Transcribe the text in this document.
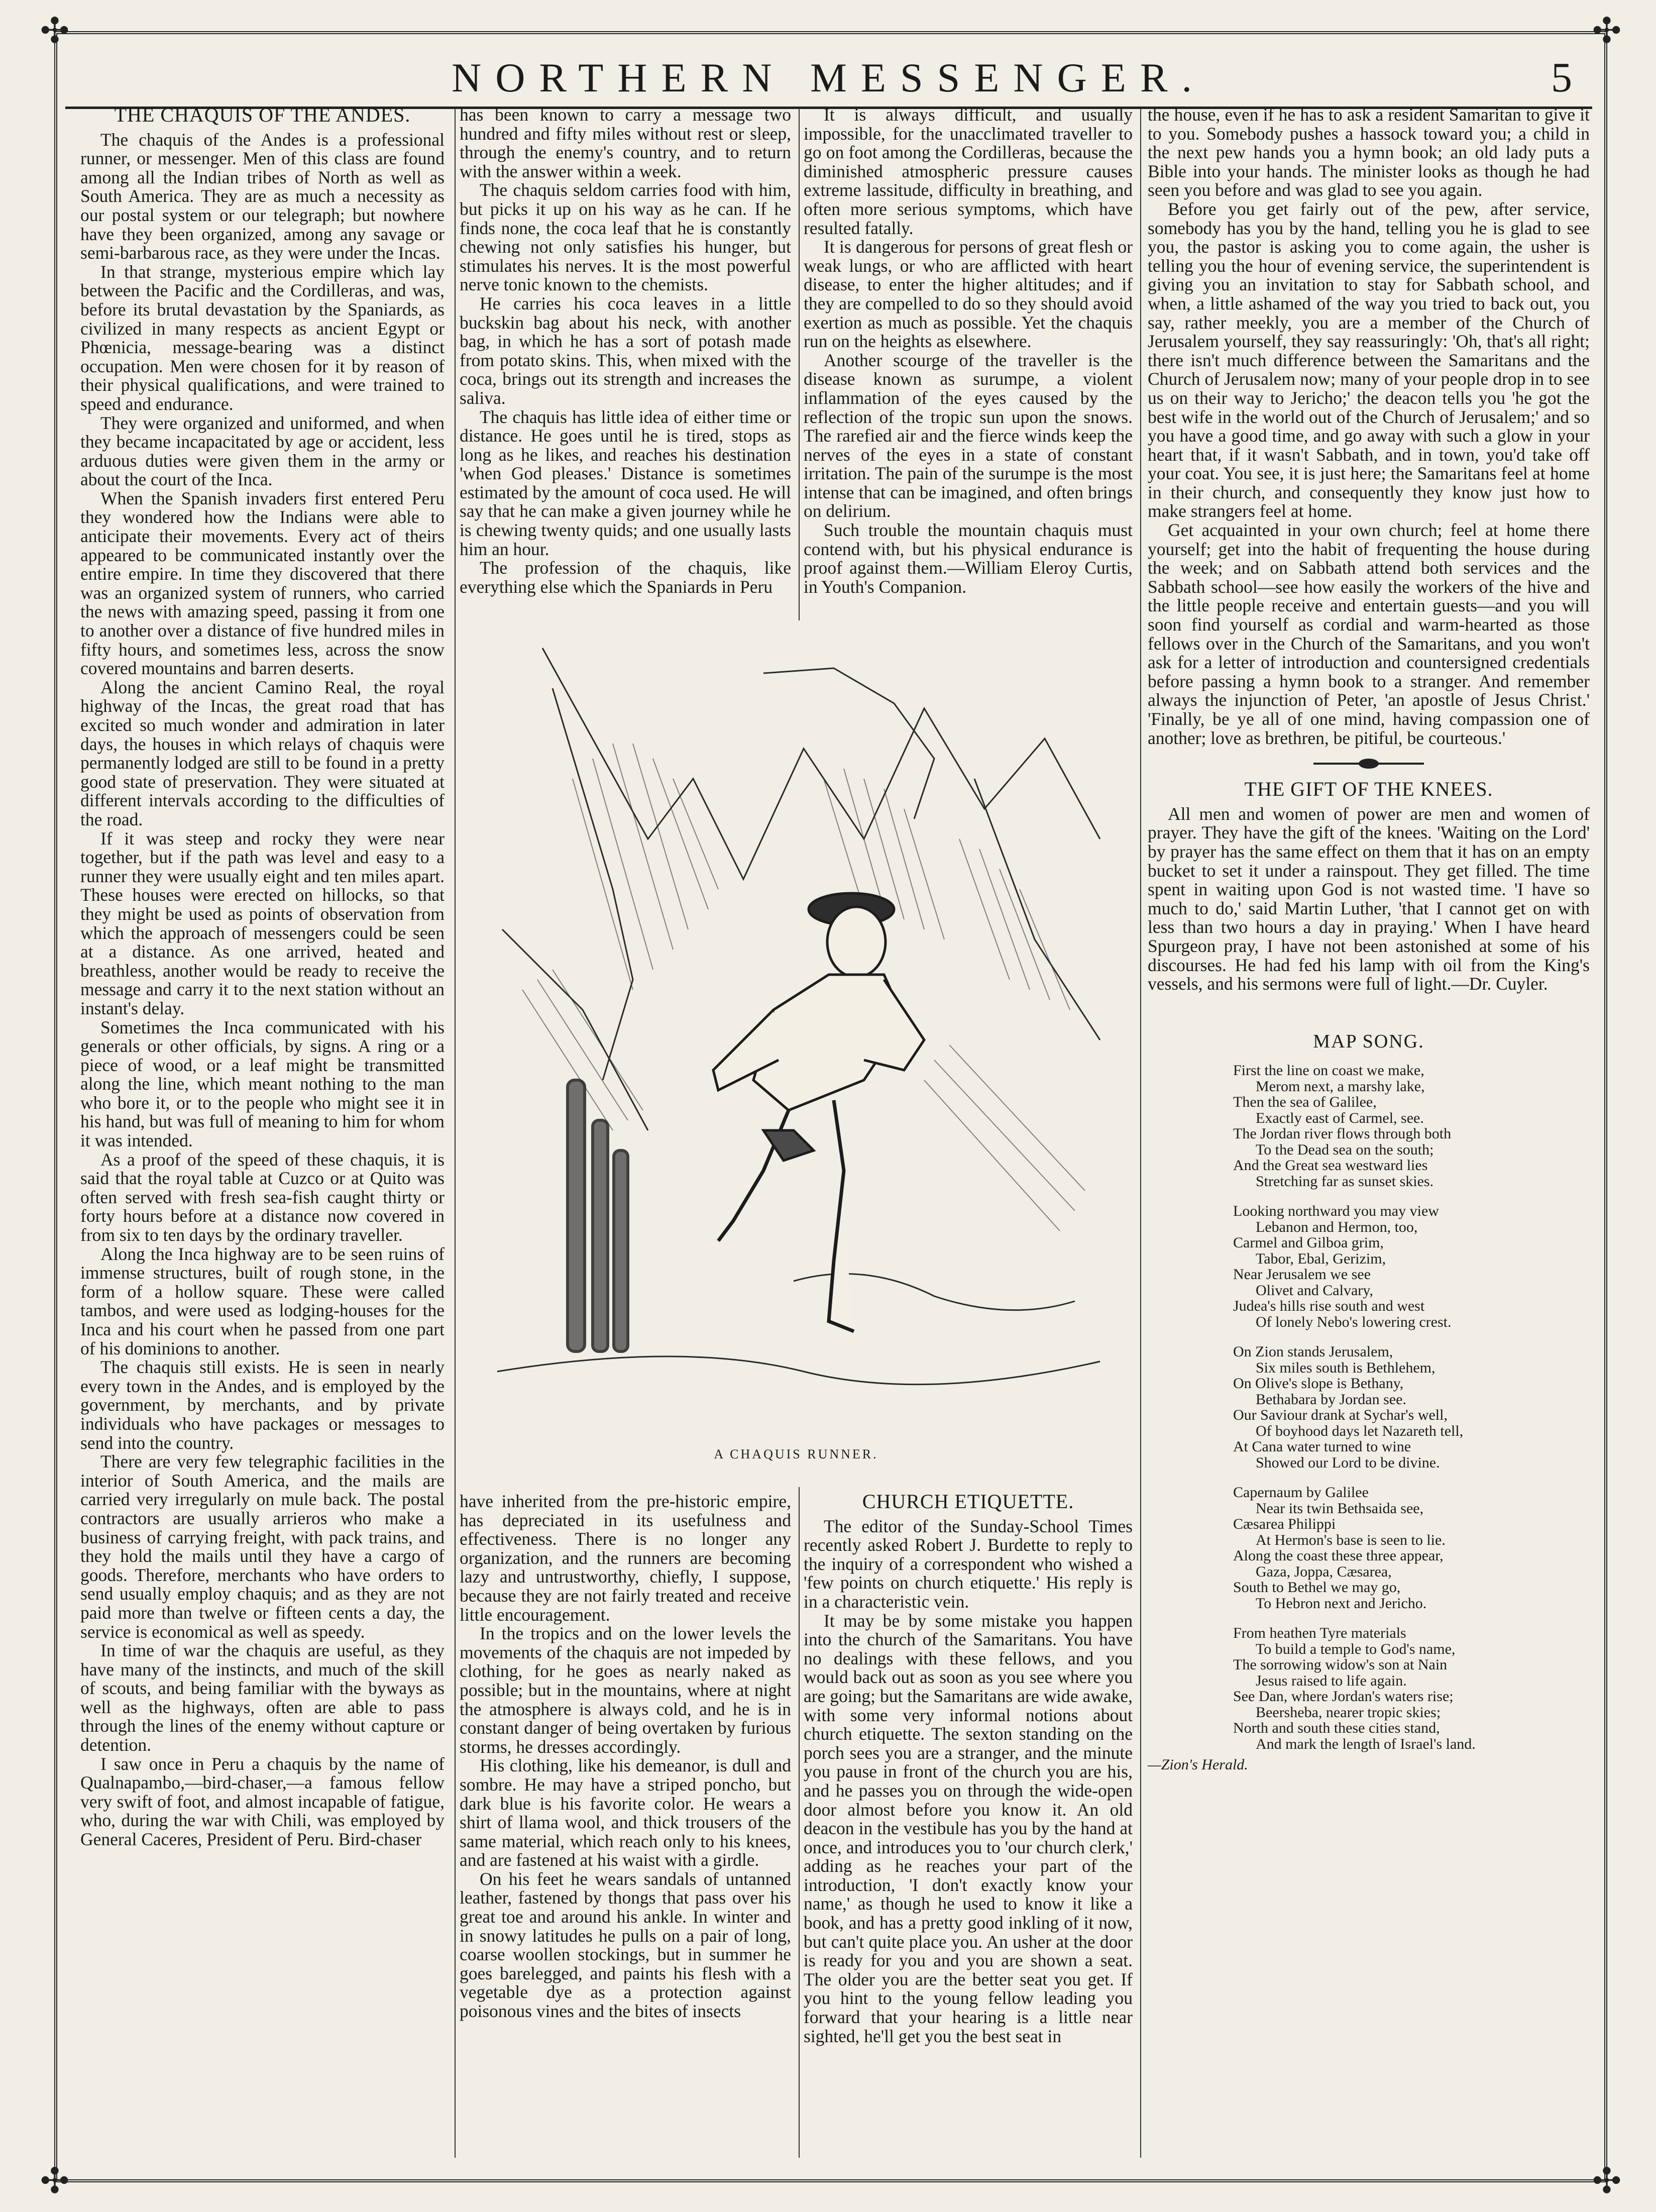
✣	✣
✣	✣
NORTHERN MESSENGER.	5
THE CHAQUIS OF THE ANDES.

The chaquis of the Andes is a professional runner, or messenger. Men of this class are found among all the Indian tribes of North as well as South America. They are as much a necessity as our postal system or our telegraph; but nowhere have they been organized, among any savage or semi-barbarous race, as they were under the Incas.

In that strange, mysterious empire which lay between the Pacific and the Cordilleras, and was, before its brutal devastation by the Spaniards, as civilized in many respects as ancient Egypt or Phœnicia, message-bearing was a distinct occupation. Men were chosen for it by reason of their physical qualifications, and were trained to speed and endurance.

They were organized and uniformed, and when they became incapacitated by age or accident, less arduous duties were given them in the army or about the court of the Inca.

When the Spanish invaders first entered Peru they wondered how the Indians were able to anticipate their movements. Every act of theirs appeared to be communicated instantly over the entire empire. In time they discovered that there was an organized system of runners, who carried the news with amazing speed, passing it from one to another over a distance of five hundred miles in fifty hours, and sometimes less, across the snow covered mountains and barren deserts.

Along the ancient Camino Real, the royal highway of the Incas, the great road that has excited so much wonder and admiration in later days, the houses in which relays of chaquis were permanently lodged are still to be found in a pretty good state of preservation. They were situated at different intervals according to the difficulties of the road.

If it was steep and rocky they were near together, but if the path was level and easy to a runner they were usually eight and ten miles apart. These houses were erected on hillocks, so that they might be used as points of observation from which the approach of messengers could be seen at a distance. As one arrived, heated and breathless, another would be ready to receive the message and carry it to the next station without an instant's delay.

Sometimes the Inca communicated with his generals or other officials, by signs. A ring or a piece of wood, or a leaf might be transmitted along the line, which meant nothing to the man who bore it, or to the people who might see it in his hand, but was full of meaning to him for whom it was intended.

As a proof of the speed of these chaquis, it is said that the royal table at Cuzco or at Quito was often served with fresh sea-fish caught thirty or forty hours before at a distance now covered in from six to ten days by the ordinary traveller.

Along the Inca highway are to be seen ruins of immense structures, built of rough stone, in the form of a hollow square. These were called tambos, and were used as lodging-houses for the Inca and his court when he passed from one part of his dominions to another.

The chaquis still exists. He is seen in nearly every town in the Andes, and is employed by the government, by merchants, and by private individuals who have packages or messages to send into the country.

There are very few telegraphic facilities in the interior of South America, and the mails are carried very irregularly on mule back. The postal contractors are usually arrieros who make a business of carrying freight, with pack trains, and they hold the mails until they have a cargo of goods. Therefore, merchants who have orders to send usually employ chaquis; and as they are not paid more than twelve or fifteen cents a day, the service is economical as well as speedy.

In time of war the chaquis are useful, as they have many of the instincts, and much of the skill of scouts, and being familiar with the byways as well as the highways, often are able to pass through the lines of the enemy without capture or detention.

I saw once in Peru a chaquis by the name of Qualnapambo,—bird-chaser,—a famous fellow very swift of foot, and almost incapable of fatigue, who, during the war with Chili, was employed by General Caceres, President of Peru. Bird-chaser

has been known to carry a message two hundred and fifty miles without rest or sleep, through the enemy's country, and to return with the answer within a week.

The chaquis seldom carries food with him, but picks it up on his way as he can. If he finds none, the coca leaf that he is constantly chewing not only satisfies his hunger, but stimulates his nerves. It is the most powerful nerve tonic known to the chemists.

He carries his coca leaves in a little buckskin bag about his neck, with another bag, in which he has a sort of potash made from potato skins. This, when mixed with the coca, brings out its strength and increases the saliva.

The chaquis has little idea of either time or distance. He goes until he is tired, stops as long as he likes, and reaches his destination 'when God pleases.' Distance is sometimes estimated by the amount of coca used. He will say that he can make a given journey while he is chewing twenty quids; and one usually lasts him an hour.

The profession of the chaquis, like everything else which the Spaniards in Peru

It is always difficult, and usually impossible, for the unacclimated traveller to go on foot among the Cordilleras, because the diminished atmospheric pressure causes extreme lassitude, difficulty in breathing, and often more serious symptoms, which have resulted fatally.

It is dangerous for persons of great flesh or weak lungs, or who are afflicted with heart disease, to enter the higher altitudes; and if they are compelled to do so they should avoid exertion as much as possible. Yet the chaquis run on the heights as elsewhere.

Another scourge of the traveller is the disease known as surumpe, a violent inflammation of the eyes caused by the reflection of the tropic sun upon the snows. The rarefied air and the fierce winds keep the nerves of the eyes in a state of constant irritation. The pain of the surumpe is the most intense that can be imagined, and often brings on delirium.

Such trouble the mountain chaquis must contend with, but his physical endurance is proof against them.—William Eleroy Curtis, in Youth's Companion.

A CHAQUIS RUNNER.

have inherited from the pre-historic empire, has depreciated in its usefulness and effectiveness. There is no longer any organization, and the runners are becoming lazy and untrustworthy, chiefly, I suppose, because they are not fairly treated and receive little encouragement.

In the tropics and on the lower levels the movements of the chaquis are not impeded by clothing, for he goes as nearly naked as possible; but in the mountains, where at night the atmosphere is always cold, and he is in constant danger of being overtaken by furious storms, he dresses accordingly.

His clothing, like his demeanor, is dull and sombre. He may have a striped poncho, but dark blue is his favorite color. He wears a shirt of llama wool, and thick trousers of the same material, which reach only to his knees, and are fastened at his waist with a girdle.

On his feet he wears sandals of untanned leather, fastened by thongs that pass over his great toe and around his ankle. In winter and in snowy latitudes he pulls on a pair of long, coarse woollen stockings, but in summer he goes barelegged, and paints his flesh with a vegetable dye as a protection against poisonous vines and the bites of insects

CHURCH ETIQUETTE.

The editor of the Sunday-School Times recently asked Robert J. Burdette to reply to the inquiry of a correspondent who wished a 'few points on church etiquette.' His reply is in a characteristic vein.

It may be by some mistake you happen into the church of the Samaritans. You have no dealings with these fellows, and you would back out as soon as you see where you are going; but the Samaritans are wide awake, with some very informal notions about church etiquette. The sexton standing on the porch sees you are a stranger, and the minute you pause in front of the church you are his, and he passes you on through the wide-open door almost before you know it. An old deacon in the vestibule has you by the hand at once, and introduces you to 'our church clerk,' adding as he reaches your part of the introduction, 'I don't exactly know your name,' as though he used to know it like a book, and has a pretty good inkling of it now, but can't quite place you. An usher at the door is ready for you and you are shown a seat. The older you are the better seat you get. If you hint to the young fellow leading you forward that your hearing is a little near sighted, he'll get you the best seat in

the house, even if he has to ask a resident Samaritan to give it to you. Somebody pushes a hassock toward you; a child in the next pew hands you a hymn book; an old lady puts a Bible into your hands. The minister looks as though he had seen you before and was glad to see you again.

Before you get fairly out of the pew, after service, somebody has you by the hand, telling you he is glad to see you, the pastor is asking you to come again, the usher is telling you the hour of evening service, the superintendent is giving you an invitation to stay for Sabbath school, and when, a little ashamed of the way you tried to back out, you say, rather meekly, you are a member of the Church of Jerusalem yourself, they say reassuringly: 'Oh, that's all right; there isn't much difference between the Samaritans and the Church of Jerusalem now; many of your people drop in to see us on their way to Jericho;' the deacon tells you 'he got the best wife in the world out of the Church of Jerusalem;' and so you have a good time, and go away with such a glow in your heart that, if it wasn't Sabbath, and in town, you'd take off your coat. You see, it is just here; the Samaritans feel at home in their church, and consequently they know just how to make strangers feel at home.

Get acquainted in your own church; feel at home there yourself; get into the habit of frequenting the house during the week; and on Sabbath attend both services and the Sabbath school—see how easily the workers of the hive and the little people receive and entertain guests—and you will soon find yourself as cordial and warm-hearted as those fellows over in the Church of the Samaritans, and you won't ask for a letter of introduction and countersigned credentials before passing a hymn book to a stranger. And remember always the injunction of Peter, 'an apostle of Jesus Christ.' 'Finally, be ye all of one mind, having compassion one of another; love as brethren, be pitiful, be courteous.'

THE GIFT OF THE KNEES.

All men and women of power are men and women of prayer. They have the gift of the knees. 'Waiting on the Lord' by prayer has the same effect on them that it has on an empty bucket to set it under a rainspout. They get filled. The time spent in waiting upon God is not wasted time. 'I have so much to do,' said Martin Luther, 'that I cannot get on with less than two hours a day in praying.' When I have heard Spurgeon pray, I have not been astonished at some of his discourses. He had fed his lamp with oil from the King's vessels, and his sermons were full of light.—Dr. Cuyler.

MAP SONG.
First the line on coast we make,
Merom next, a marshy lake,
Then the sea of Galilee,
Exactly east of Carmel, see.
The Jordan river flows through both
To the Dead sea on the south;
And the Great sea westward lies
Stretching far as sunset skies.
Looking northward you may view
Lebanon and Hermon, too,
Carmel and Gilboa grim,
Tabor, Ebal, Gerizim,
Near Jerusalem we see
Olivet and Calvary,
Judea's hills rise south and west
Of lonely Nebo's lowering crest.
On Zion stands Jerusalem,
Six miles south is Bethlehem,
On Olive's slope is Bethany,
Bethabara by Jordan see.
Our Saviour drank at Sychar's well,
Of boyhood days let Nazareth tell,
At Cana water turned to wine
Showed our Lord to be divine.
Capernaum by Galilee
Near its twin Bethsaida see,
Cæsarea Philippi
At Hermon's base is seen to lie.
Along the coast these three appear,
Gaza, Joppa, Cæsarea,
South to Bethel we may go,
To Hebron next and Jericho.
From heathen Tyre materials
To build a temple to God's name,
The sorrowing widow's son at Nain
Jesus raised to life again.
See Dan, where Jordan's waters rise;
Beersheba, nearer tropic skies;
North and south these cities stand,
And mark the length of Israel's land.
—Zion's Herald.
